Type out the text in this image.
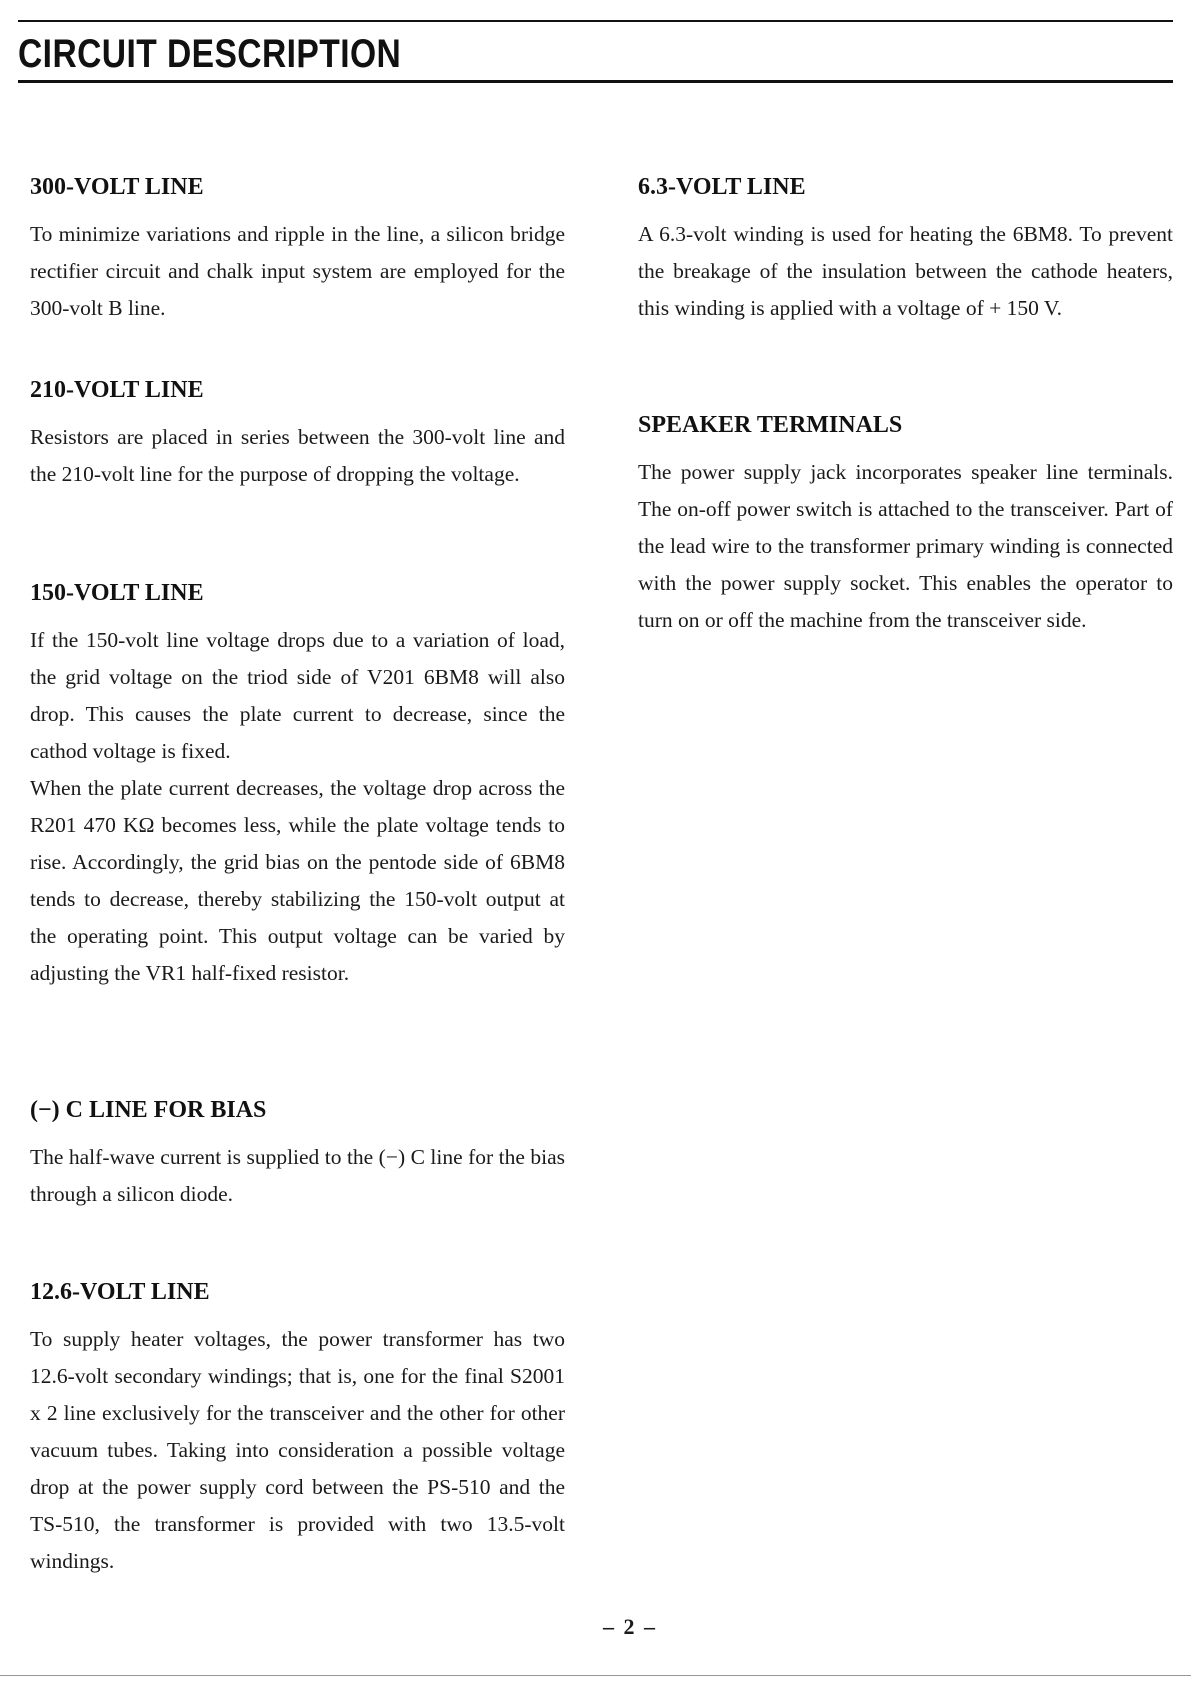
CIRCUIT DESCRIPTION
300-VOLT LINE

To minimize variations and ripple in the line, a silicon bridge rectifier circuit and chalk input system are employed for the 300-volt B line.

210-VOLT LINE

Resistors are placed in series between the 300-volt line and the 210-volt line for the purpose of dropping the voltage.

150-VOLT LINE

If the 150-volt line voltage drops due to a variation of load, the grid voltage on the triod side of V201 6BM8 will also drop. This causes the plate current to decrease, since the cathod voltage is fixed.

When the plate current decreases, the voltage drop across the R201 470 KΩ becomes less, while the plate voltage tends to rise. Accordingly, the grid bias on the pentode side of 6BM8 tends to decrease, thereby stabilizing the 150-volt output at the operating point. This output voltage can be varied by adjusting the VR1 half-fixed resistor.

(−) C LINE FOR BIAS

The half-wave current is supplied to the (−) C line for the bias through a silicon diode.

12.6-VOLT LINE

To supply heater voltages, the power transformer has two 12.6-volt secondary windings; that is, one for the final S2001 x 2 line exclusively for the transceiver and the other for other vacuum tubes. Taking into consideration a possible voltage drop at the power supply cord between the PS-510 and the TS-510, the transformer is provided with two 13.5-volt windings.

6.3-VOLT LINE

A 6.3-volt winding is used for heating the 6BM8. To prevent the breakage of the insulation between the cathode heaters, this winding is applied with a voltage of + 150 V.

SPEAKER TERMINALS

The power supply jack incorporates speaker line terminals. The on-off power switch is attached to the transceiver. Part of the lead wire to the transformer primary winding is connected with the power supply socket. This enables the operator to turn on or off the machine from the transceiver side.

– 2 –
